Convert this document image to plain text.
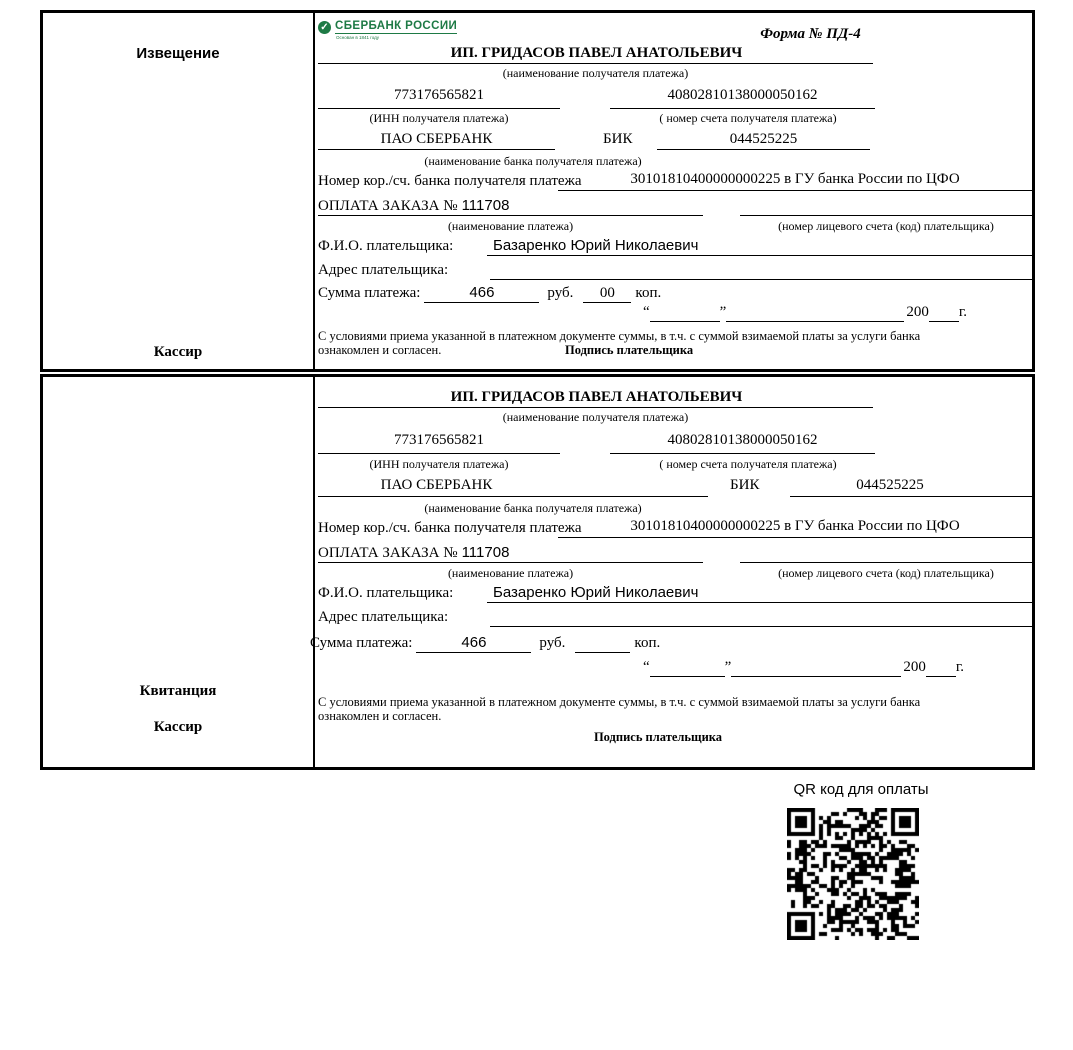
Извещение
Кассир
✓ СБЕРБАНК РОССИИ
Основан в 1841 году	Форма № ПД-4
ИП. ГРИДАСОВ ПАВЕЛ АНАТОЛЬЕВИЧ
(наименование получателя платежа)
773176565821	40802810138000050162
(ИНН получателя платежа)	( номер счета получателя платежа)
ПАО СБЕРБАНК	БИК	044525225
(наименование банка получателя платежа)
Номер кор./сч. банка получателя платежа	30101810400000000225 в ГУ банка России по ЦФО
ОПЛАТА ЗАКАЗА № 111708
(наименование платежа)	(номер лицевого счета (код) плательщика)
Ф.И.О. плательщика:	Базаренко Юрий Николаевич
Адрес плательщика:
Сумма платежа:	466	руб.	00	коп.
“
	”
	200
г.
С условиями приема указанной в платежном документе суммы, в т.ч. с суммой взимаемой платы за услуги банка
ознакомлен и согласен.	Подпись плательщика
Квитанция
Кассир
ИП. ГРИДАСОВ ПАВЕЛ АНАТОЛЬЕВИЧ
(наименование получателя платежа)
773176565821	40802810138000050162
(ИНН получателя платежа)	( номер счета получателя платежа)
ПАО СБЕРБАНК	БИК	044525225
(наименование банка получателя платежа)
Номер кор./сч. банка получателя платежа	30101810400000000225 в ГУ банка России по ЦФО
ОПЛАТА ЗАКАЗА № 111708
(наименование платежа)	(номер лицевого счета (код) плательщика)
Ф.И.О. плательщика:	Базаренко Юрий Николаевич
Адрес плательщика:
Сумма платежа:	466	руб.
	коп.
“
	”
	200
г.
С условиями приема указанной в платежном документе суммы, в т.ч. с суммой взимаемой платы за услуги банка
ознакомлен и согласен.
Подпись плательщика
QR код для оплаты
